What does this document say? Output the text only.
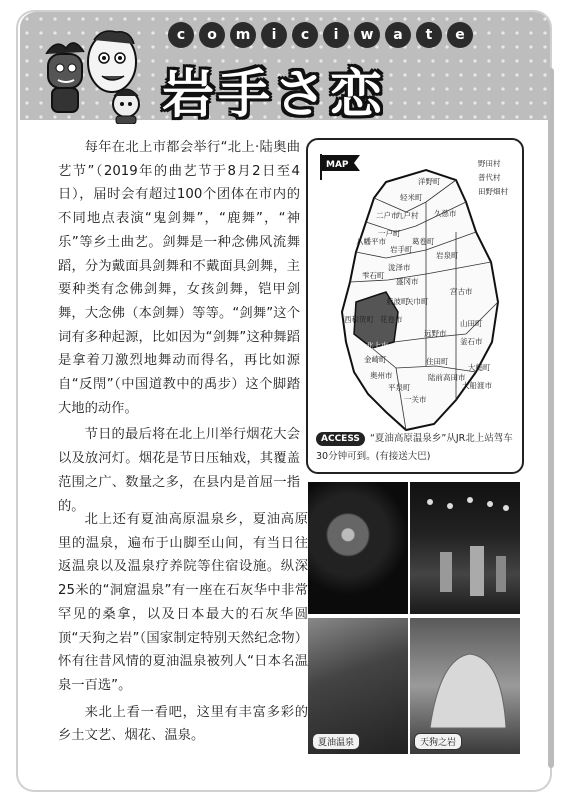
c	o	m	i	c	i	w	a	t	e
岩手さ恋

每年在北上市都会举行“北上·陆奥曲艺节”（2019年的曲艺节于8月2日至4日），届时会有超过100个团体在市内的不同地点表演“鬼剑舞”，“鹿舞”，“神乐”等乡土曲艺。剑舞是一种念佛风流舞蹈，分为戴面具剑舞和不戴面具剑舞，主要种类有念佛剑舞，女孩剑舞，铠甲剑舞，大念佛（本剑舞）等等。“剑舞”这个词有多种起源，比如因为“剑舞”这种舞蹈是拿着刀激烈地舞动而得名，再比如源自“反閇”（中国道教中的禹步）这个脚踏大地的动作。

节日的最后将在北上川举行烟花大会以及放河灯。烟花是节日压轴戏，其覆盖范围之广、数量之多，在县内是首屈一指的。

北上还有夏油高原温泉乡，夏油高原里的温泉，遍布于山脚至山间，有当日往返温泉以及温泉疗养院等住宿设施。纵深25米的“洞窟温泉”有一座在石灰华中非常罕见的桑拿，以及日本最大的石灰华圆顶“天狗之岩”（国家制定特别天然纪念物）怀有往昔风情的夏油温泉被列人“日本名温泉一百选”。

来北上看一看吧，这里有丰富多彩的乡土文艺、烟花、温泉。

MAP	野田村
普代村
田野畑村
洋野町
轻米町
九户村 久慈市
二户市
一户町
八幡平市	葛卷町
岩手町
岩泉町
泷泽市
盛冈市
雫石町
宫古市
紫波町
矢巾町
花卷市
西和贺町
远野市
北上市
金崎町
奥州市
釜石市
山田町
大槌町
住田町
陆前高田市
大船渡市
一关市
平泉町
ACCESS	“夏油高原温泉乡”从JR北上站驾车
30分钟可到。(有接送大巴)
夏油温泉	天狗之岩
